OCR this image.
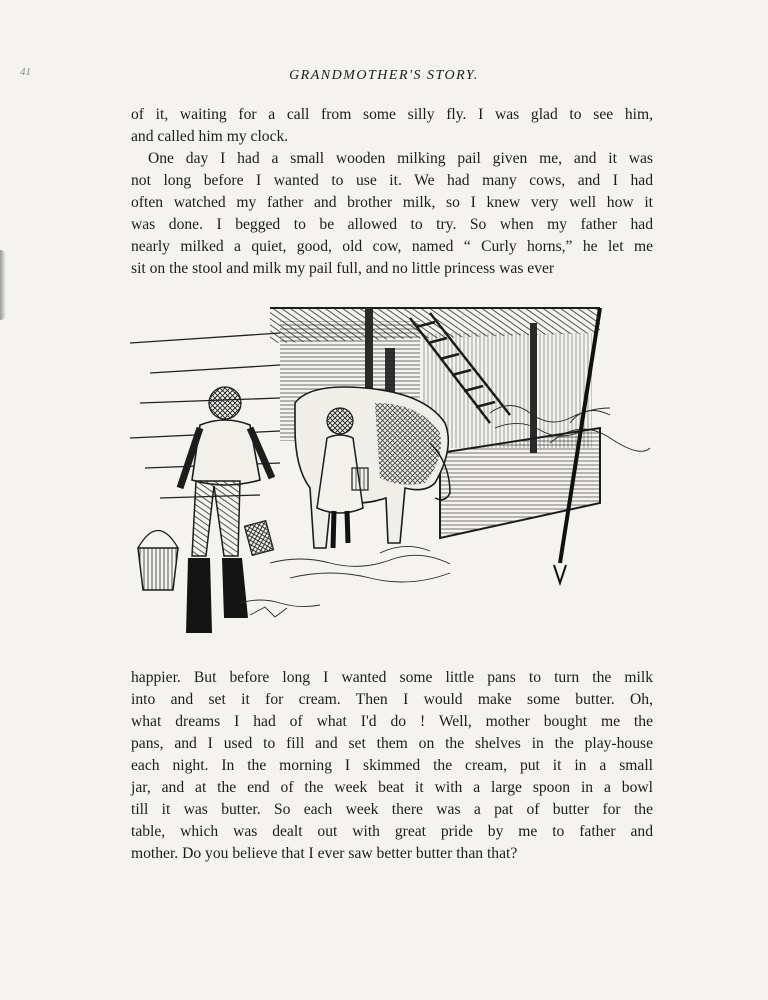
41	GRANDMOTHER'S STORY.

of it, waiting for a call from some silly fly. I was glad to see him,
and called him my clock.

One day I had a small wooden milking pail given me, and it was
not long before I wanted to use it. We had many cows, and I had
often watched my father and brother milk, so I knew very well how it
was done. I begged to be allowed to try. So when my father had
nearly milked a quiet, good, old cow, named “ Curly horns,” he let me
sit on the stool and milk my pail full, and no little princess was ever

happier. But before long I wanted some little pans to turn the milk
into and set it for cream. Then I would make some butter. Oh,
what dreams I had of what I'd do ! Well, mother bought me the
pans, and I used to fill and set them on the shelves in the play-house
each night. In the morning I skimmed the cream, put it in a small
jar, and at the end of the week beat it with a large spoon in a bowl
till it was butter. So each week there was a pat of butter for the
table, which was dealt out with great pride by me to father and
mother. Do you believe that I ever saw better butter than that?
